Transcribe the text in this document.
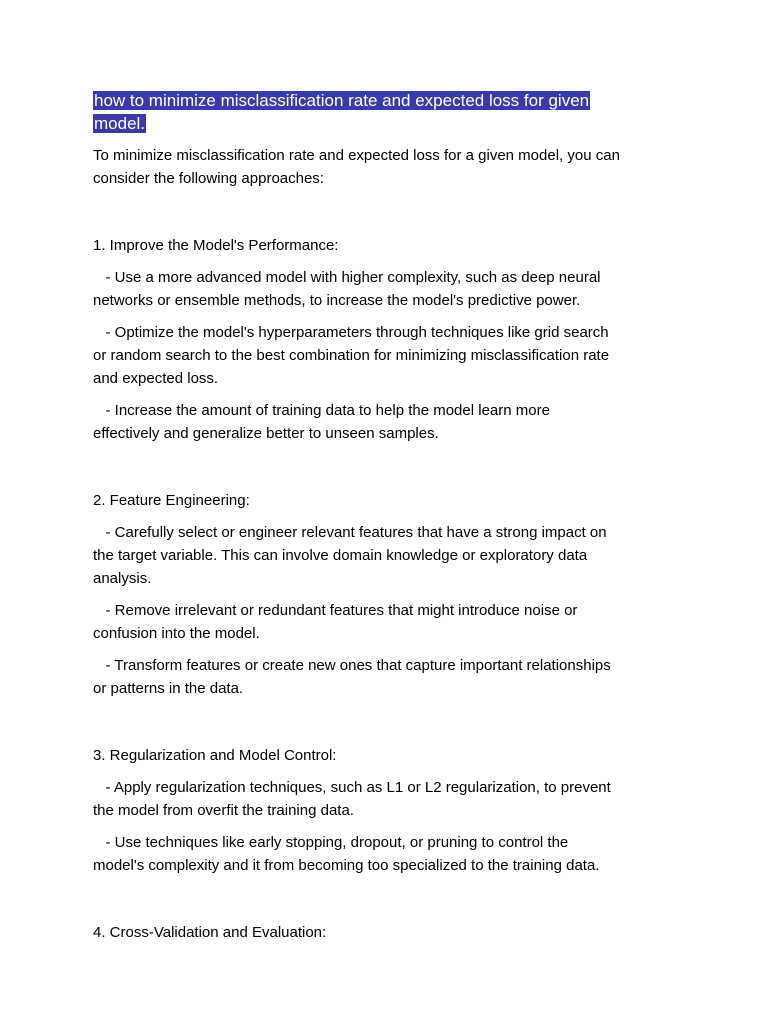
how to minimize misclassification rate and expected loss for given
model.

To minimize misclassification rate and expected loss for a given model, you can
consider the following approaches:

1. Improve the Model's Performance:

- Use a more advanced model with higher complexity, such as deep neural
networks or ensemble methods, to increase the model's predictive power.

- Optimize the model's hyperparameters through techniques like grid search
or random search to the best combination for minimizing misclassification rate
and expected loss.

- Increase the amount of training data to help the model learn more
effectively and generalize better to unseen samples.

2. Feature Engineering:

- Carefully select or engineer relevant features that have a strong impact on
the target variable. This can involve domain knowledge or exploratory data
analysis.

- Remove irrelevant or redundant features that might introduce noise or
confusion into the model.

- Transform features or create new ones that capture important relationships
or patterns in the data.

3. Regularization and Model Control:

- Apply regularization techniques, such as L1 or L2 regularization, to prevent
the model from overfit the training data.

- Use techniques like early stopping, dropout, or pruning to control the
model's complexity and it from becoming too specialized to the training data.

4. Cross-Validation and Evaluation:
